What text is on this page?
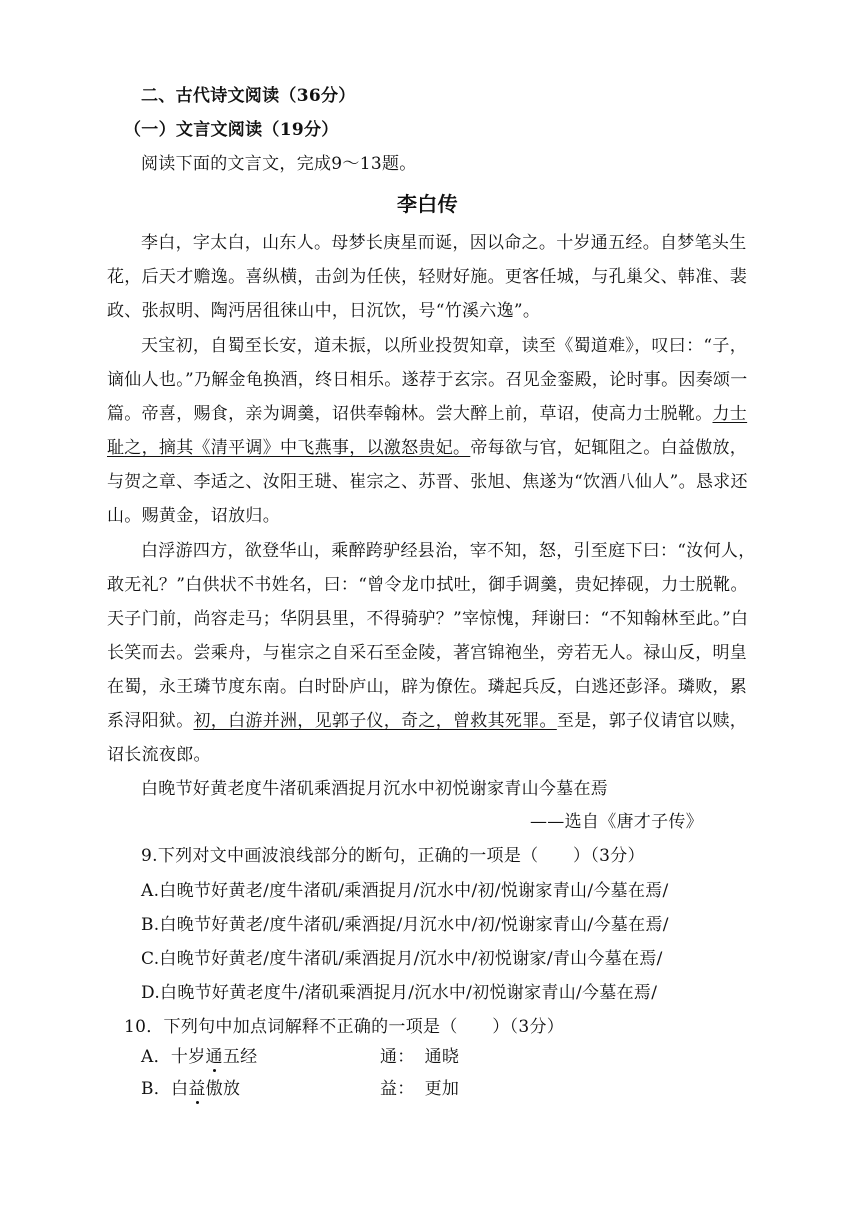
二、古代诗文阅读（36分）
（一）文言文阅读（19分）
阅读下面的文言文，完成9～13题。
李白传
李白，字太白，山东人。母梦长庚星而诞，因以命之。十岁通五经。自梦笔头生
花，后天才赡逸。喜纵横，击剑为任侠，轻财好施。更客任城，与孔巢父、韩准、裴
政、张叔明、陶沔居徂徕山中，日沉饮，号“竹溪六逸”。
天宝初，自蜀至长安，道未振，以所业投贺知章，读至《蜀道难》，叹曰：“子，
谪仙人也。”乃解金龟换酒，终日相乐。遂荐于玄宗。召见金銮殿，论时事。因奏颂一
篇。帝喜，赐食，亲为调羹，诏供奉翰林。尝大醉上前，草诏，使高力士脱靴。力士
耻之，摘其《清平调》中飞燕事，以激怒贵妃。帝每欲与官，妃辄阻之。白益傲放，
与贺之章、李适之、汝阳王琎、崔宗之、苏晋、张旭、焦遂为“饮酒八仙人”。恳求还
山。赐黄金，诏放归。
白浮游四方，欲登华山，乘醉跨驴经县治，宰不知，怒，引至庭下曰：“汝何人，
敢无礼？”白供状不书姓名，曰：“曾令龙巾拭吐，御手调羹，贵妃捧砚，力士脱靴。
天子门前，尚容走马；华阴县里，不得骑驴？”宰惊愧，拜谢曰：“不知翰林至此。”白
长笑而去。尝乘舟，与崔宗之自采石至金陵，著宫锦袍坐，旁若无人。禄山反，明皇
在蜀，永王璘节度东南。白时卧庐山，辟为僚佐。璘起兵反，白逃还彭泽。璘败，累
系浔阳狱。初，白游并洲，见郭子仪，奇之，曾救其死罪。至是，郭子仪请官以赎，
诏长流夜郎。
白晚节好黄老度牛渚矶乘酒捉月沉水中初悦谢家青山今墓在焉
——选自《唐才子传》
9.下列对文中画波浪线部分的断句，正确的一项是（　　）（3分）
A.白晚节好黄老/度牛渚矶/乘酒捉月/沉水中/初/悦谢家青山/今墓在焉/
B.白晚节好黄老/度牛渚矶/乘酒捉/月沉水中/初/悦谢家青山/今墓在焉/
C.白晚节好黄老/度牛渚矶/乘酒捉月/沉水中/初悦谢家/青山今墓在焉/
D.白晚节好黄老度牛/渚矶乘酒捉月/沉水中/初悦谢家青山/今墓在焉/
10．下列句中加点词解释不正确的一项是（　　）（3分）
A．十岁通五经	通： 通晓
B．白益傲放	益： 更加
